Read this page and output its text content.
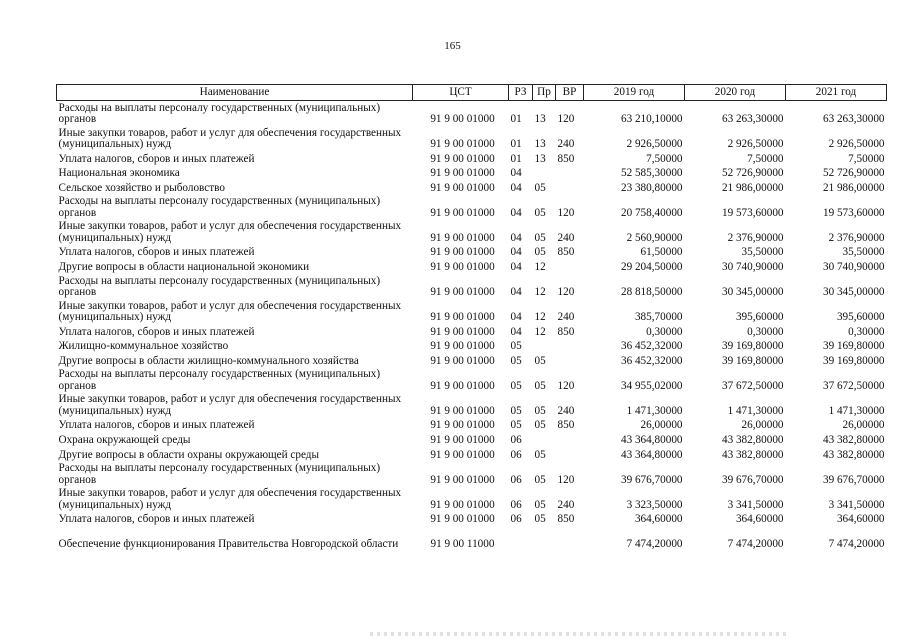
165
Наименование	ЦСТ	РЗ	Пр	ВР	2019 год	2020 год	2021 год
Расходы на выплаты персоналу государственных (муниципальных) органов	91 9 00 01000	01	13	120	63 210,10000	63 263,30000	63 263,30000
Иные закупки товаров, работ и услуг для обеспечения государственных (муниципальных) нужд	91 9 00 01000	01	13	240	2 926,50000	2 926,50000	2 926,50000
Уплата налогов, сборов и иных платежей	91 9 00 01000	01	13	850	7,50000	7,50000	7,50000
Национальная экономика	91 9 00 01000	04			52 585,30000	52 726,90000	52 726,90000
Сельское хозяйство и рыболовство	91 9 00 01000	04	05		23 380,80000	21 986,00000	21 986,00000
Расходы на выплаты персоналу государственных (муниципальных) органов	91 9 00 01000	04	05	120	20 758,40000	19 573,60000	19 573,60000
Иные закупки товаров, работ и услуг для обеспечения государственных (муниципальных) нужд	91 9 00 01000	04	05	240	2 560,90000	2 376,90000	2 376,90000
Уплата налогов, сборов и иных платежей	91 9 00 01000	04	05	850	61,50000	35,50000	35,50000
Другие вопросы в области национальной экономики	91 9 00 01000	04	12		29 204,50000	30 740,90000	30 740,90000
Расходы на выплаты персоналу государственных (муниципальных) органов	91 9 00 01000	04	12	120	28 818,50000	30 345,00000	30 345,00000
Иные закупки товаров, работ и услуг для обеспечения государственных (муниципальных) нужд	91 9 00 01000	04	12	240	385,70000	395,60000	395,60000
Уплата налогов, сборов и иных платежей	91 9 00 01000	04	12	850	0,30000	0,30000	0,30000
Жилищно-коммунальное хозяйство	91 9 00 01000	05			36 452,32000	39 169,80000	39 169,80000
Другие вопросы в области жилищно-коммунального хозяйства	91 9 00 01000	05	05		36 452,32000	39 169,80000	39 169,80000
Расходы на выплаты персоналу государственных (муниципальных) органов	91 9 00 01000	05	05	120	34 955,02000	37 672,50000	37 672,50000
Иные закупки товаров, работ и услуг для обеспечения государственных (муниципальных) нужд	91 9 00 01000	05	05	240	1 471,30000	1 471,30000	1 471,30000
Уплата налогов, сборов и иных платежей	91 9 00 01000	05	05	850	26,00000	26,00000	26,00000
Охрана окружающей среды	91 9 00 01000	06			43 364,80000	43 382,80000	43 382,80000
Другие вопросы в области охраны окружающей среды	91 9 00 01000	06	05		43 364,80000	43 382,80000	43 382,80000
Расходы на выплаты персоналу государственных (муниципальных) органов	91 9 00 01000	06	05	120	39 676,70000	39 676,70000	39 676,70000
Иные закупки товаров, работ и услуг для обеспечения государственных (муниципальных) нужд	91 9 00 01000	06	05	240	3 323,50000	3 341,50000	3 341,50000
Уплата налогов, сборов и иных платежей	91 9 00 01000	06	05	850	364,60000	364,60000	364,60000
Обеспечение функционирования Правительства Новгородской области	91 9 00 11000				7 474,20000	7 474,20000	7 474,20000
